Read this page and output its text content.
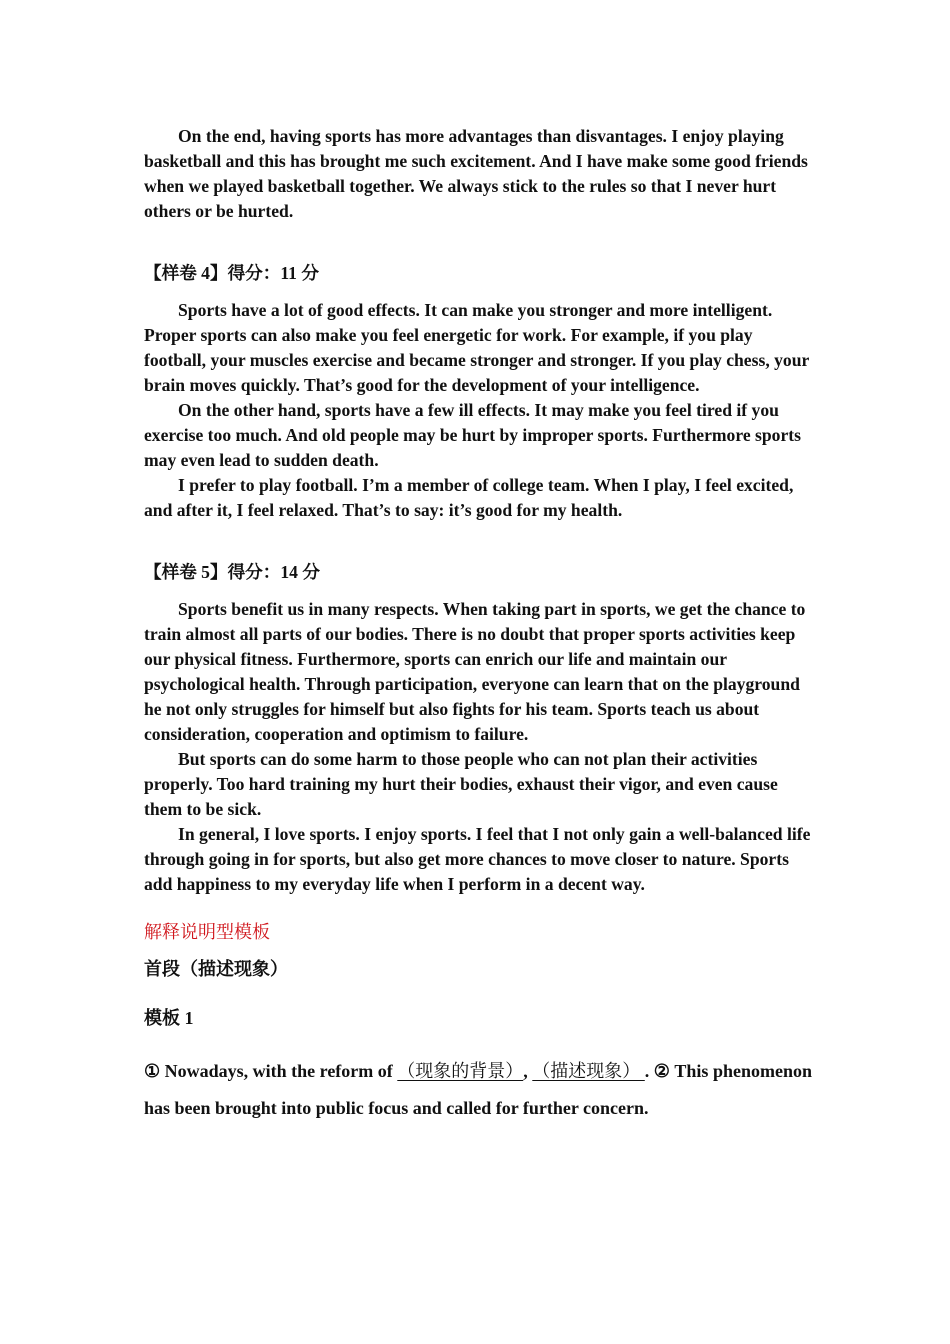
On the end, having sports has more advantages than disvantages. I enjoy playing basketball and this has brought me such excitement. And I have make some good friends when we played basketball together. We always stick to the rules so that I never hurt others or be hurted.

【样卷 4】得分：11 分

Sports have a lot of good effects. It can make you stronger and more intelligent. Proper sports can also make you feel energetic for work. For example, if you play football, your muscles exercise and became stronger and stronger. If you play chess, your brain moves quickly. That’s good for the development of your intelligence.

On the other hand, sports have a few ill effects. It may make you feel tired if you exercise too much. And old people may be hurt by improper sports. Furthermore sports may even lead to sudden death.

I prefer to play football. I’m a member of college team. When I play, I feel excited, and after it, I feel relaxed. That’s to say: it’s good for my health.

【样卷 5】得分：14 分

Sports benefit us in many respects. When taking part in sports, we get the chance to train almost all parts of our bodies. There is no doubt that proper sports activities keep our physical fitness. Furthermore, sports can enrich our life and maintain our psychological health. Through participation, everyone can learn that on the playground he not only struggles for himself but also fights for his team. Sports teach us about consideration, cooperation and optimism to failure.

But sports can do some harm to those people who can not plan their activities properly. Too hard training my hurt their bodies, exhaust their vigor, and even cause them to be sick.

In general, I love sports. I enjoy sports. I feel that I not only gain a well-balanced life through going in for sports, but also get more chances to move closer to nature. Sports add happiness to my everyday life when I perform in a decent way.

解释说明型模板

首段（描述现象）

模板 1

① Nowadays, with the reform of （现象的背景）, （描述现象） . ② This phenomenon has been brought into public focus and called for further concern.
